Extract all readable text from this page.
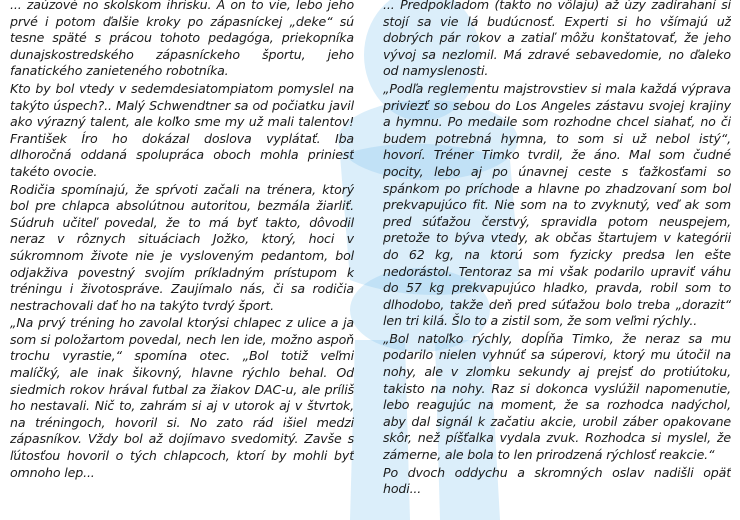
... zaúzové no skolskom ihrisku. A on to vie, lebo jeho prvé i potom ďalšie kroky po zápasníckej „deke“ sú tesne späté s prácou tohoto pedagóga, priekopníka dunajskostredského zápasníckeho športu, jeho fanatického zanieteného robotníka.

Kto by bol vtedy v sedemdesiatompiatom pomyslel na takýto úspech?.. Malý Schwendtner sa od počiatku javil ako výrazný talent, ale koľko sme my už mali talentov! František Íro ho dokázal doslova vyplátať. Iba dlhoročná oddaná spolupráca oboch mohla priniesť takéto ovocie.

Rodičia spomínajú, že spŕvoti začali na trénera, ktorý bol pre chlapca absolútnou autoritou, bezmála žiarliť. Súdruh učiteľ povedal, že to má byť takto, dôvodil neraz v rôznych situáciach Jožko, ktorý, hoci v súkromnom živote nie je vysloveným pedantom, bol odjakživa povestný svojím príkladným prístupom k tréningu i životospráve. Zaujímalo nás, či sa rodičia nestrachovali dať ho na takýto tvrdý šport.

„Na prvý tréning ho zavolal ktorýsi chlapec z ulice a ja som si položartom povedal, nech len ide, možno aspoň trochu vyrastie,“ spomína otec. „Bol totiž veľmi malíčký, ale inak šikovný, hlavne rýchlo behal. Od siedmich rokov hrával futbal za žiakov DAC-u, ale príliš ho nestavali. Nič to, zahrám si aj v utorok aj v štvrtok, na tréningoch, hovoril si. No zato rád išiel medzi zápasníkov. Vždy bol až dojímavo svedomitý. Zavše s ľútosťou hovoril o tých chlapcoch, ktorí by mohli byť omnoho lep...

... Predpokladom (takto no vôlaju) až úzy zadírahaní sí stojí sa vie lá budúcnosť. Experti si ho všímajú už dobrých pár rokov a zatiaľ môžu konštatovať, že jeho vývoj sa nezlomil. Má zdravé sebavedomie, no ďaleko od namyslenosti.

„Podľa reglementu majstrovstiev si mala každá výprava priviezť so sebou do Los Angeles zástavu svojej krajiny a hymnu. Po medaile som rozhodne chcel siahať, no či budem potrebná hymna, to som si už nebol istý“, hovorí. Tréner Timko tvrdil, že áno. Mal som čudné pocity, lebo aj po únavnej ceste s ťažkosťami so spánkom po príchode a hlavne po zhadzovaní som bol prekvapujúco fit. Nie som na to zvyknutý, veď ak som pred súťažou čerstvý, spravidla potom neuspejem, pretože to býva vtedy, ak občas štartujem v kategórii do 62 kg, na ktorú som fyzicky predsa len ešte nedorástol. Tentoraz sa mi však podarilo upraviť váhu do 57 kg prekvapujúco hladko, pravda, robil som to dlhodobo, takže deň pred súťažou bolo treba „dorazit“ len tri kilá. Šlo to a zistil som, že som veľmi rýchly..

„Bol natoľko rýchly, dopĺňa Timko, že neraz sa mu podarilo nielen vyhnúť sa súperovi, ktorý mu útočil na nohy, ale v zlomku sekundy aj prejsť do protiútoku, takisto na nohy. Raz si dokonca vyslúžil napomenutie, lebo reagujúc na moment, že sa rozhodca nadýchol, aby dal signál k začatiu akcie, urobil záber opakovane skôr, než píšťalka vydala zvuk. Rozhodca si myslel, že zámerne, ale bola to len prirodzená rýchlosť reakcie.“

Po dvoch oddychu a skromných oslav nadišli opäť hodi...
